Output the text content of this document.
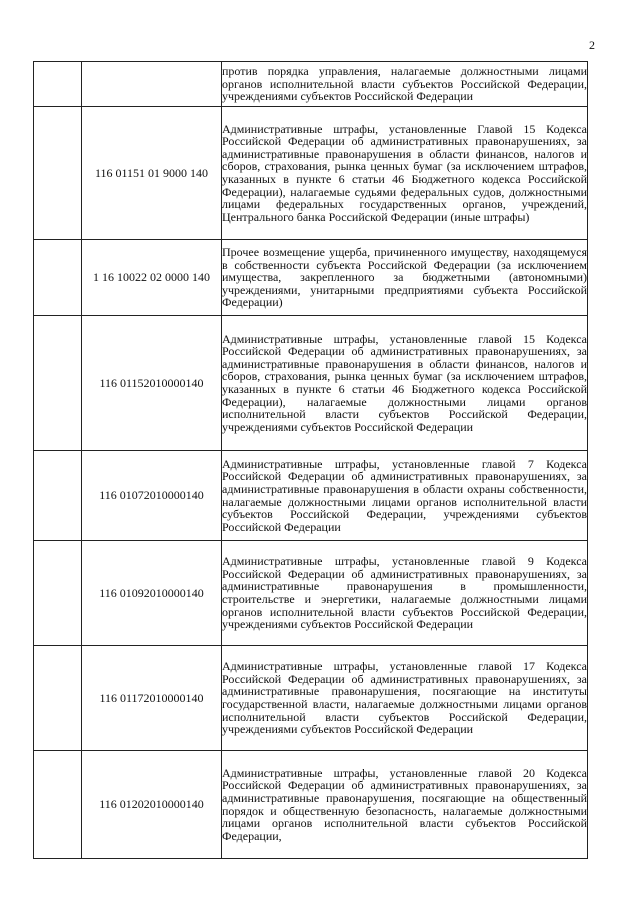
2
		против порядка управления, налагаемые должностными лицами органов исполнительной власти субъектов Российской Федерации, учреждениями субъектов Российской Федерации
	116 01151 01 9000 140	Административные штрафы, установленные Главой 15 Кодекса Российской Федерации об административных правонарушениях, за административные правонарушения в области финансов, налогов и сборов, страхования, рынка ценных бумаг (за исключением штрафов, указанных в пункте 6 статьи 46 Бюджетного кодекса Российской Федерации), налагаемые судьями федеральных судов, должностными лицами федеральных государственных органов, учреждений, Центрального банка Российской Федерации (иные штрафы)
	1 16 10022 02 0000 140	Прочее возмещение ущерба, причиненного имуществу, находящемуся в собственности субъекта Российской Федерации (за исключением имущества, закрепленного за бюджетными (автономными) учреждениями, унитарными предприятиями субъекта Российской Федерации)
	116 01152010000140	Административные штрафы, установленные главой 15 Кодекса Российской Федерации об административных правонарушениях, за административные правонарушения в области финансов, налогов и сборов, страхования, рынка ценных бумаг (за исключением штрафов, указанных в пункте 6 статьи 46 Бюджетного кодекса Российской Федерации), налагаемые должностными лицами органов исполнительной власти субъектов Российской Федерации, учреждениями субъектов Российской Федерации
	116 01072010000140	Административные штрафы, установленные главой 7 Кодекса Российской Федерации об административных правонарушениях, за административные правонарушения в области охраны собственности, налагаемые должностными лицами органов исполнительной власти субъектов Российской Федерации, учреждениями субъектов Российской Федерации
	116 01092010000140	Административные штрафы, установленные главой 9 Кодекса Российской Федерации об административных правонарушениях, за административные правонарушения в промышленности, строительстве и энергетики, налагаемые должностными лицами органов исполнительной власти субъектов Российской Федерации, учреждениями субъектов Российской Федерации
	116 01172010000140	Административные штрафы, установленные главой 17 Кодекса Российской Федерации об административных правонарушениях, за административные правонарушения, посягающие на институты государственной власти, налагаемые должностными лицами органов исполнительной власти субъектов Российской Федерации, учреждениями субъектов Российской Федерации
	116 01202010000140	Административные штрафы, установленные главой 20 Кодекса Российской Федерации об административных правонарушениях, за административные правонарушения, посягающие на общественный порядок и общественную безопасность, налагаемые должностными лицами органов исполнительной власти субъектов Российской Федерации,
